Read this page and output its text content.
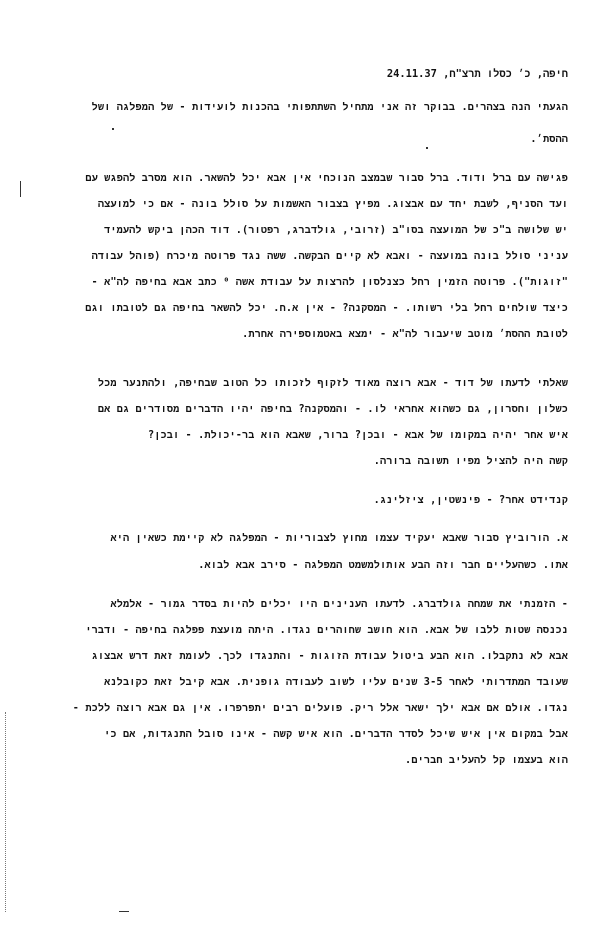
חיפה, כ׳ כסלו תרצ"ח, 24.11.37
הגעתי הנה בצהרים. בבוקר זה אני מתחיל השתתפותי בהכנות לועידות - של המפלגה ושל
ההסת׳.
פגישה עם ברל ודוד. ברל סבור שבמצב הנוכחי אין אבא יכל להשאר. הוא מסרב להפגש עם
ועד הסניף, לשבת יחד עם אבצוג. מפיץ בצבור האשמות על סולל בונה - אם כי למועצה
יש שלושה ב"כ של המועצה בסו"ב (זרובי, גולדברג, רפטור). דוד הכהן ביקש להעמיד
עניני סולל בונה במועצה - ואבא לא קיים הבקשה. ששה נגד פרוטה מיכרח (פוהל עבודה
"זוגות"). פרוטה הזמין רחל כצנלסון להרצות על עבודת אשה ⁰ כתב אבא בחיפה לה"א -
כיצד שולחים רחל בלי רשותו. - המסקנה? - אין א.ח. יכל להשאר בחיפה גם לטובתו וגם
לטובת ההסת׳ מוטב שיעבור לה"א - ימצא באטמוספירה אחרת.
שאלתי לדעתו של דוד - אבא רוצה מאוד לזקוף לזכותו כל הטוב שבחיפה, ולהתנער מכל
כשלון וחסרון, גם כשהוא אחראי לו. - והמסקנה? בחיפה יהיו הדברים מסודרים גם אם
איש אחר יהיה במקומו של אבא - ובכן? ברור, שאבא הוא בר-יכולת. - ובכן?
קשה היה להציל מפיו תשובה ברורה.
קנדידט אחר? - פינשטין, ציזלינג.
א. הורוביץ סבור שאבא יעקיד עצמו מחוץ לצבוריות - המפלגה לא קיימת כשאין היא
אתו. כשהעליים חבר וזה הבע אותולמשמט המפלגה - סירב אבא לבוא.
- הזמנתי את שמחה גולדברג. לדעתו הענינים היו יכלים להיות בסדר גמור - אלמלא
נכנסה שטות ללבו של אבא. הוא חושב שחוהרים נגדו. היתה מועצת פפלגה בחיפה - ודברי
אבא לא נתקבלו. הוא הבע ביטול עבודת הזוגות - והתנגדו לכך. לעומת זאת דרש אבצוג
שעובד המתדרותי לאחר 3-5 שנים עליו לשוב לעבודה גופנית. אבא קיבל זאת כקובלנא
נגדו. אולם אם אבא ילך ישאר אלל ריק. פועלים רבים יתפרפרו. אין גם אבא רוצה ללכת -
אבל במקום אין איש שיכל לסדר הדברים. הוא איש קשה - אינו סובל התנגדות, אם כי
הוא בעצמו קל להעליב חברים.
